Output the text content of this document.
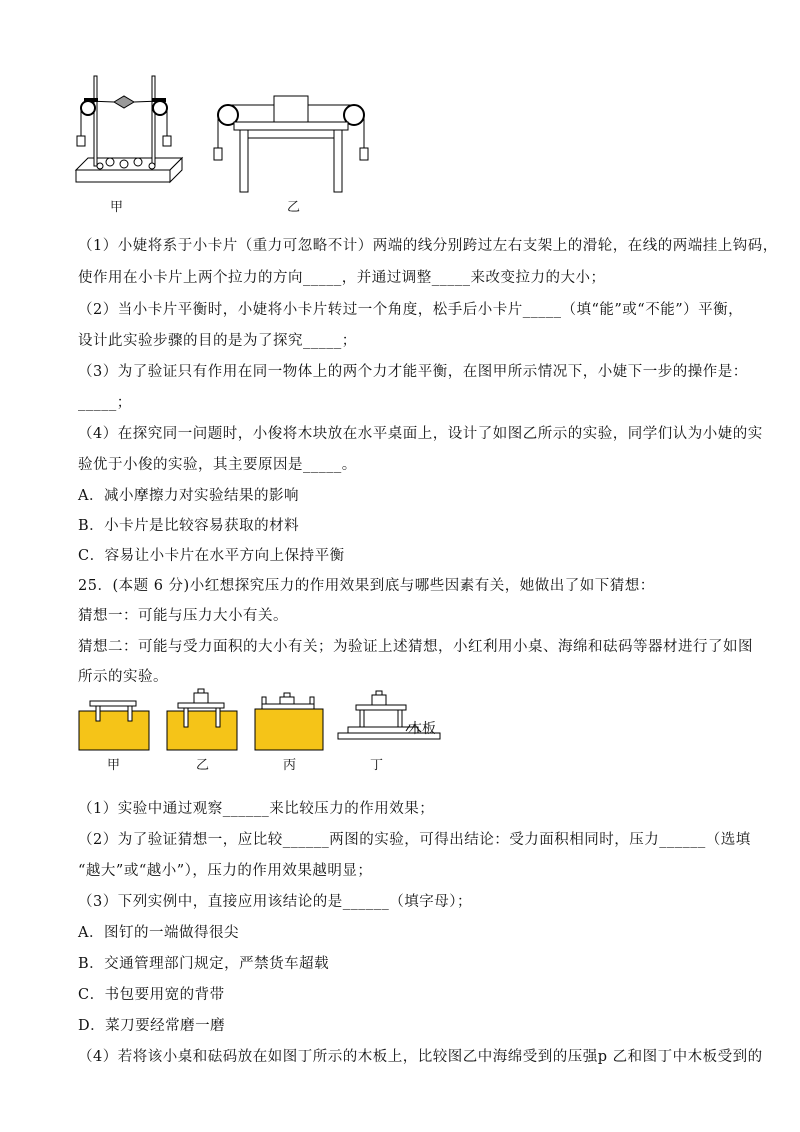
甲	乙
（1）小婕将系于小卡片（重力可忽略不计）两端的线分别跨过左右支架上的滑轮，在线的两端挂上钩码，
使作用在小卡片上两个拉力的方向_____，并通过调整_____来改变拉力的大小；
（2）当小卡片平衡时，小婕将小卡片转过一个角度，松手后小卡片_____（填“能”或“不能”）平衡，
设计此实验步骤的目的是为了探究_____；
（3）为了验证只有作用在同一物体上的两个力才能平衡，在图甲所示情况下，小婕下一步的操作是：
_____；
（4）在探究同一问题时，小俊将木块放在水平桌面上，设计了如图乙所示的实验，同学们认为小婕的实
验优于小俊的实验，其主要原因是_____。
A．减小摩擦力对实验结果的影响
B．小卡片是比较容易获取的材料
C．容易让小卡片在水平方向上保持平衡
25．(本题 6 分)小红想探究压力的作用效果到底与哪些因素有关，她做出了如下猜想：
猜想一：可能与压力大小有关。
猜想二：可能与受力面积的大小有关；为验证上述猜想，小红利用小桌、海绵和砝码等器材进行了如图
所示的实验。
木板
甲	乙	丙	丁
（1）实验中通过观察______来比较压力的作用效果；
（2）为了验证猜想一，应比较______两图的实验，可得出结论：受力面积相同时，压力______（选填
“越大”或“越小”），压力的作用效果越明显；
（3）下列实例中，直接应用该结论的是______（填字母）；
A．图钉的一端做得很尖
B．交通管理部门规定，严禁货车超载
C．书包要用宽的背带
D．菜刀要经常磨一磨
（4）若将该小桌和砝码放在如图丁所示的木板上，比较图乙中海绵受到的压强p 乙和图丁中木板受到的
